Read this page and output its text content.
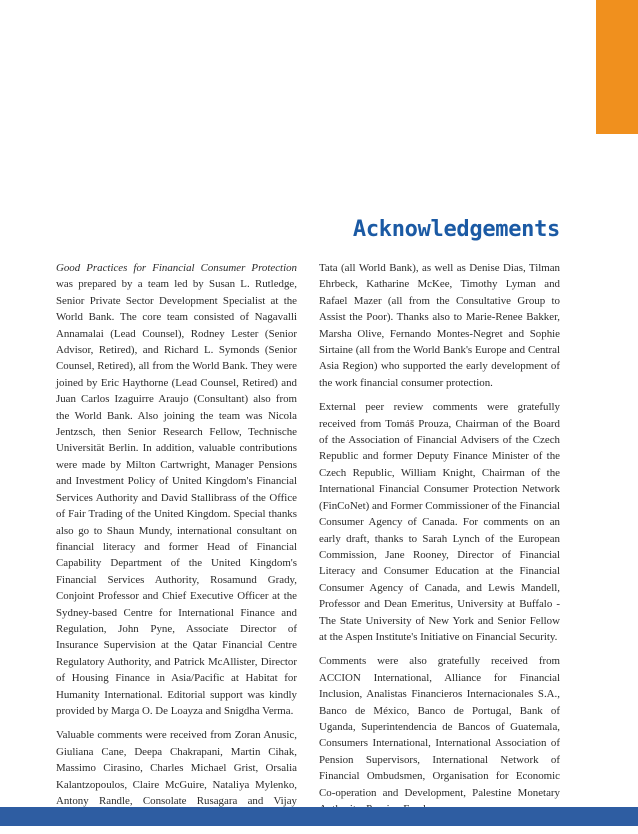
Acknowledgements

Good Practices for Financial Consumer Protection was prepared by a team led by Susan L. Rutledge, Senior Private Sector Development Specialist at the World Bank. The core team consisted of Nagavalli Annamalai (Lead Counsel), Rodney Lester (Senior Advisor, Retired), and Richard L. Symonds (Senior Counsel, Retired), all from the World Bank. They were joined by Eric Haythorne (Lead Counsel, Retired) and Juan Carlos Izaguirre Araujo (Consultant) also from the World Bank. Also joining the team was Nicola Jentzsch, then Senior Research Fellow, Technische Universität Berlin. In addition, valuable contributions were made by Milton Cartwright, Manager Pensions and Investment Policy of United Kingdom's Financial Services Authority and David Stallibrass of the Office of Fair Trading of the United Kingdom. Special thanks also go to Shaun Mundy, international consultant on financial literacy and former Head of Financial Capability Department of the United Kingdom's Financial Services Authority, Rosamund Grady, Conjoint Professor and Chief Executive Officer at the Sydney-based Centre for International Finance and Regulation, John Pyne, Associate Director of Insurance Supervision at the Qatar Financial Centre Regulatory Authority, and Patrick McAllister, Director of Housing Finance in Asia/Pacific at Habitat for Humanity International. Editorial support was kindly provided by Marga O. De Loayza and Snigdha Verma.

Valuable comments were received from Zoran Anusic, Giuliana Cane, Deepa Chakrapani, Martin Cihak, Massimo Cirasino, Charles Michael Grist, Orsalia Kalantzopoulos, Claire McGuire, Nataliya Mylenko, Antony Randle, Consolate Rusagara and Vijay

Tata (all World Bank), as well as Denise Dias, Tilman Ehrbeck, Katharine McKee, Timothy Lyman and Rafael Mazer (all from the Consultative Group to Assist the Poor). Thanks also to Marie-Renee Bakker, Marsha Olive, Fernando Montes-Negret and Sophie Sirtaine (all from the World Bank's Europe and Central Asia Region) who supported the early development of the work financial consumer protection.

External peer review comments were gratefully received from Tomáš Prouza, Chairman of the Board of the Association of Financial Advisers of the Czech Republic and former Deputy Finance Minister of the Czech Republic, William Knight, Chairman of the International Financial Consumer Protection Network (FinCoNet) and Former Commissioner of the Financial Consumer Agency of Canada. For comments on an early draft, thanks to Sarah Lynch of the European Commission, Jane Rooney, Director of Financial Literacy and Consumer Education at the Financial Consumer Agency of Canada, and Lewis Mandell, Professor and Dean Emeritus, University at Buffalo - The State University of New York and Senior Fellow at the Aspen Institute's Initiative on Financial Security.

Comments were also gratefully received from ACCION International, Alliance for Financial Inclusion, Analistas Financieros Internacionales S.A., Banco de México, Banco de Portugal, Bank of Uganda, Superintendencia de Bancos of Guatemala, Consumers International, International Association of Pension Supervisors, International Network of Financial Ombudsmen, Organisation for Economic Co-operation and Development, Palestine Monetary
